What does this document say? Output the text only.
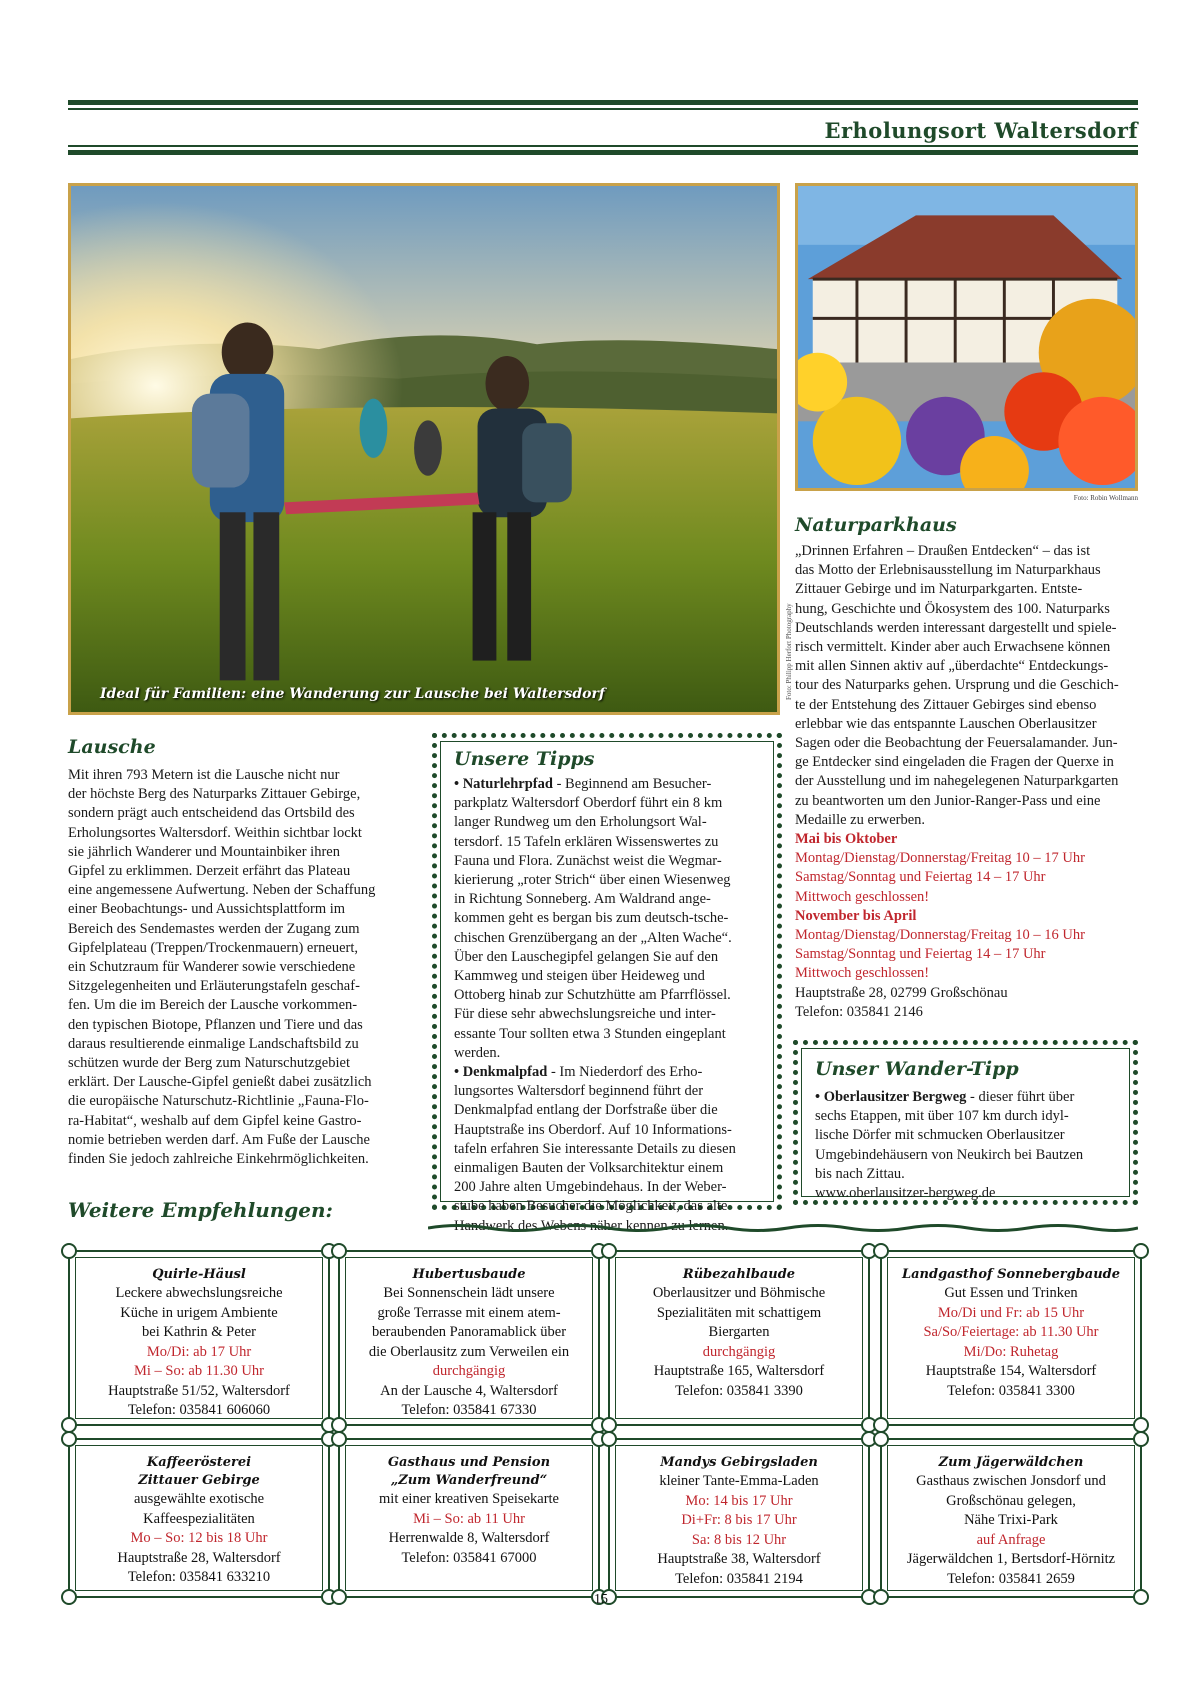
Erholungsort Waltersdorf
Ideal für Familien: eine Wanderung zur Lausche bei Waltersdorf	Foto: Philipp Herfort Photography
Foto: Robin Wollmann
Naturparkhaus

„Drinnen Erfahren – Draußen Entdecken“ – das ist

das Motto der Erlebnisausstellung im Naturparkhaus

Zittauer Gebirge und im Naturparkgarten. Entste-

hung, Geschichte und Ökosystem des 100. Naturparks

Deutschlands werden interessant dargestellt und spiele-

risch vermittelt. Kinder aber auch Erwachsene können

mit allen Sinnen aktiv auf „überdachte“ Entdeckungs-

tour des Naturparks gehen. Ursprung und die Geschich-

te der Entstehung des Zittauer Gebirges sind ebenso

erlebbar wie das entspannte Lauschen Oberlausitzer

Sagen oder die Beobachtung der Feuersalamander. Jun-

ge Entdecker sind eingeladen die Fragen der Querxe in

der Ausstellung und im nahegelegenen Naturparkgarten

zu beantworten um den Junior-Ranger-Pass und eine

Medaille zu erwerben.

Mai bis Oktober

Montag/Dienstag/Donnerstag/Freitag 10 – 17 Uhr

Samstag/Sonntag und Feiertag 14 – 17 Uhr

Mittwoch geschlossen!

November bis April

Montag/Dienstag/Donnerstag/Freitag 10 – 16 Uhr

Samstag/Sonntag und Feiertag 14 – 17 Uhr

Mittwoch geschlossen!

Hauptstraße 28, 02799 Großschönau

Telefon: 035841 2146

Lausche

Mit ihren 793 Metern ist die Lausche nicht nur

der höchste Berg des Naturparks Zittauer Gebirge,

sondern prägt auch entscheidend das Ortsbild des

Erholungsortes Waltersdorf. Weithin sichtbar lockt

sie jährlich Wanderer und Mountainbiker ihren

Gipfel zu erklimmen. Derzeit erfährt das Plateau

eine angemessene Aufwertung. Neben der Schaffung

einer Beobachtungs- und Aussichtsplattform im

Bereich des Sendemastes werden der Zugang zum

Gipfelplateau (Treppen/Trockenmauern) erneuert,

ein Schutzraum für Wanderer sowie verschiedene

Sitzgelegenheiten und Erläuterungstafeln geschaf-

fen. Um die im Bereich der Lausche vorkommen-

den typischen Biotope, Pflanzen und Tiere und das

daraus resultierende einmalige Landschaftsbild zu

schützen wurde der Berg zum Naturschutzgebiet

erklärt. Der Lausche-Gipfel genießt dabei zusätzlich

die europäische Naturschutz-Richtlinie „Fauna-Flo-

ra-Habitat“, weshalb auf dem Gipfel keine Gastro-

nomie betrieben werden darf. Am Fuße der Lausche

finden Sie jedoch zahlreiche Einkehrmöglichkeiten.

Unsere Tipps

• Naturlehrpfad - Beginnend am Besucher-

parkplatz Waltersdorf Oberdorf führt ein 8 km

langer Rundweg um den Erholungsort Wal-

tersdorf. 15 Tafeln erklären Wissenswertes zu

Fauna und Flora. Zunächst weist die Wegmar-

kierierung „roter Strich“ über einen Wiesenweg

in Richtung Sonneberg. Am Waldrand ange-

kommen geht es bergan bis zum deutsch-tsche-

chischen Grenzübergang an der „Alten Wache“.

Über den Lauschegipfel gelangen Sie auf den

Kammweg und steigen über Heideweg und

Ottoberg hinab zur Schutzhütte am Pfarrflössel.

Für diese sehr abwechslungsreiche und inter-

essante Tour sollten etwa 3 Stunden eingeplant

werden.

• Denkmalpfad - Im Niederdorf des Erho-

lungsortes Waltersdorf beginnend führt der

Denkmalpfad entlang der Dorfstraße über die

Hauptstraße ins Oberdorf. Auf 10 Informations-

tafeln erfahren Sie interessante Details zu diesen

einmaligen Bauten der Volksarchitektur einem

200 Jahre alten Umgebindehaus. In der Weber-

stube haben Besucher die Möglichkeit, das alte

Handwerk des Webens näher kennen zu lernen.

Unser Wander-Tipp

• Oberlausitzer Bergweg - dieser führt über

sechs Etappen, mit über 107 km durch idyl-

lische Dörfer mit schmucken Oberlausitzer

Umgebindehäusern von Neukirch bei Bautzen

bis nach Zittau.

www.oberlausitzer-bergweg.de

Weitere Empfehlungen:
Quirle-Häusl
Leckere abwechslungsreiche
Küche in urigem Ambiente
bei Kathrin & Peter
Mo/Di: ab 17 Uhr
Mi – So: ab 11.30 Uhr
Hauptstraße 51/52, Waltersdorf
Telefon: 035841 606060
Hubertusbaude
Bei Sonnenschein lädt unsere
große Terrasse mit einem atem-
beraubenden Panoramablick über
die Oberlausitz zum Verweilen ein
durchgängig
An der Lausche 4, Waltersdorf
Telefon: 035841 67330
Rübezahlbaude
Oberlausitzer und Böhmische
Spezialitäten mit schattigem
Biergarten
durchgängig
Hauptstraße 165, Waltersdorf
Telefon: 035841 3390
Landgasthof Sonnebergbaude
Gut Essen und Trinken
Mo/Di und Fr: ab 15 Uhr
Sa/So/Feiertage: ab 11.30 Uhr
Mi/Do: Ruhetag
Hauptstraße 154, Waltersdorf
Telefon: 035841 3300
Kaffeerösterei
Zittauer Gebirge
ausgewählte exotische
Kaffeespezialitäten
Mo – So: 12 bis 18 Uhr
Hauptstraße 28, Waltersdorf
Telefon: 035841 633210
Gasthaus und Pension
„Zum Wanderfreund“
mit einer kreativen Speisekarte
Mi – So: ab 11 Uhr
Herrenwalde 8, Waltersdorf
Telefon: 035841 67000
Mandys Gebirgsladen
kleiner Tante-Emma-Laden
Mo: 14 bis 17 Uhr
Di+Fr: 8 bis 17 Uhr
Sa: 8 bis 12 Uhr
Hauptstraße 38, Waltersdorf
Telefon: 035841 2194
Zum Jägerwäldchen
Gasthaus zwischen Jonsdorf und
Großschönau gelegen,
Nähe Trixi-Park
auf Anfrage
Jägerwäldchen 1, Bertsdorf-Hörnitz
Telefon: 035841 2659
15
